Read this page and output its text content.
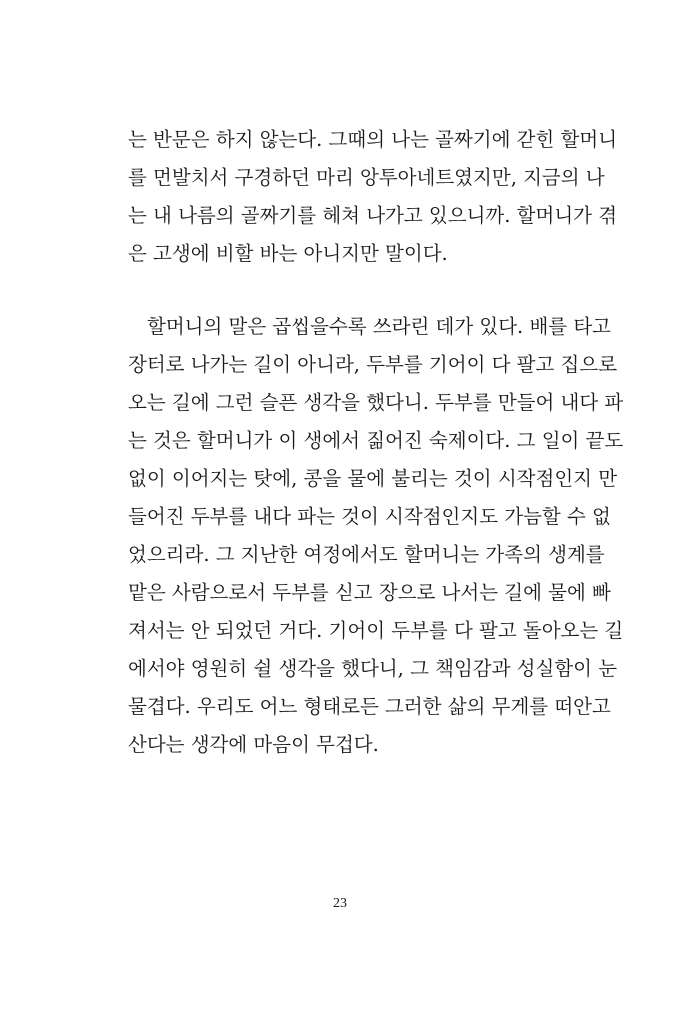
는 반문은 하지 않는다. 그때의 나는 골짜기에 갇힌 할머니
를 먼발치서 구경하던 마리 앙투아네트였지만, 지금의 나
는 내 나름의 골짜기를 헤쳐 나가고 있으니까. 할머니가 겪
은 고생에 비할 바는 아니지만 말이다.
할머니의 말은 곱씹을수록 쓰라린 데가 있다. 배를 타고
장터로 나가는 길이 아니라, 두부를 기어이 다 팔고 집으로
오는 길에 그런 슬픈 생각을 했다니. 두부를 만들어 내다 파
는 것은 할머니가 이 생에서 짊어진 숙제이다. 그 일이 끝도
없이 이어지는 탓에, 콩을 물에 불리는 것이 시작점인지 만
들어진 두부를 내다 파는 것이 시작점인지도 가늠할 수 없
었으리라. 그 지난한 여정에서도 할머니는 가족의 생계를
맡은 사람으로서 두부를 싣고 장으로 나서는 길에 물에 빠
져서는 안 되었던 거다. 기어이 두부를 다 팔고 돌아오는 길
에서야 영원히 쉴 생각을 했다니, 그 책임감과 성실함이 눈
물겹다. 우리도 어느 형태로든 그러한 삶의 무게를 떠안고
산다는 생각에 마음이 무겁다.
23
